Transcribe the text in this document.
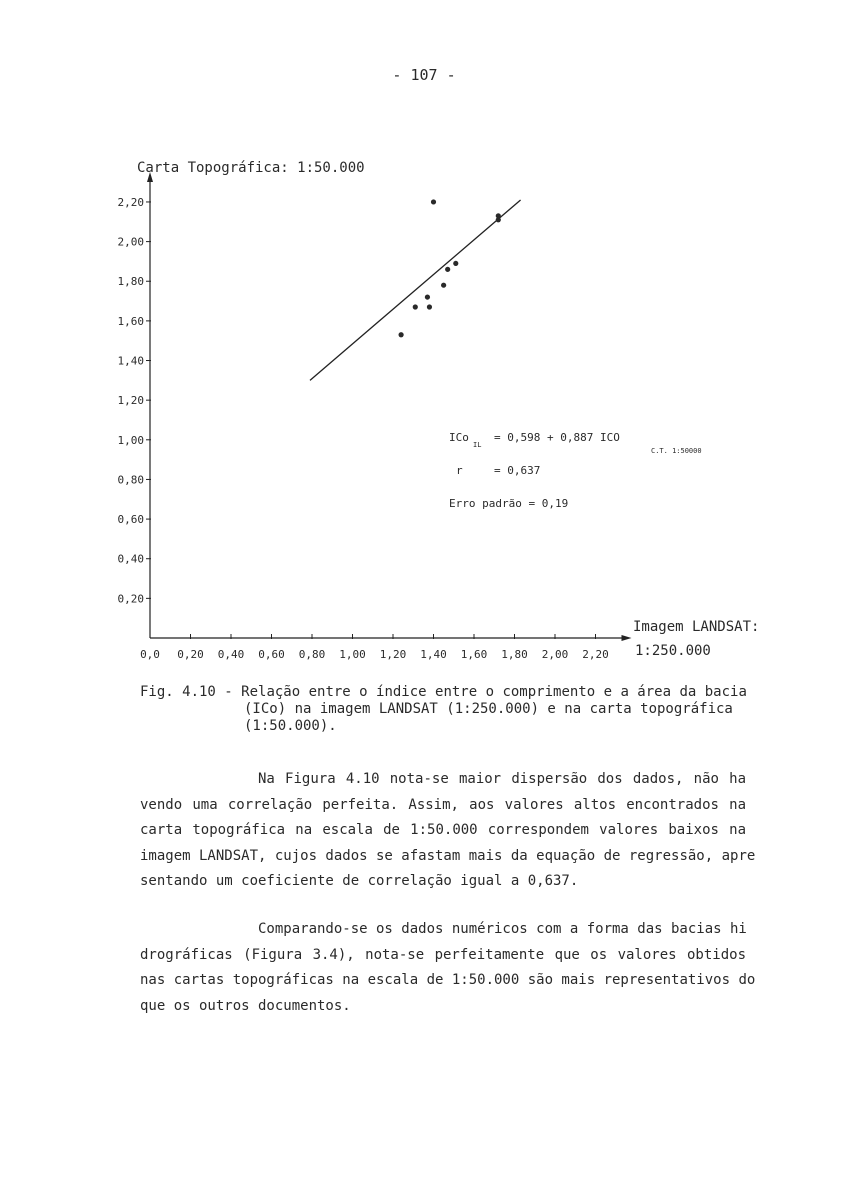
- 107 -
0,0 0,20 0,40 0,60 0,80 1,00 1,20 1,40 1,60 1,80 2,00 2,20
0,20
0,40
0,60
0,80
1,00
1,20
1,40
1,60
1,80
2,00
2,20
Carta Topográfica: 1:50.000
Imagem LANDSAT:
1:250.000
ICo
IL
= 0,598 + 0,887 ICO
C.T. 1:50000
r	= 0,637
Erro padrão = 0,19
Fig. 4.10 - Relação entre o índice entre o comprimento e a área da bacia
(ICo) na imagem LANDSAT (1:250.000) e na carta topográfica
(1:50.000).
Na Figura 4.10 nota-se maior dispersão dos dados, não ha
vendo uma correlação perfeita. Assim, aos valores altos encontrados na
carta topográfica na escala de 1:50.000 correspondem valores baixos na
imagem LANDSAT, cujos dados se afastam mais da equação de regressão, apre
sentando um coeficiente de correlação igual a 0,637.
Comparando-se os dados numéricos com a forma das bacias hi
drográficas (Figura 3.4), nota-se perfeitamente que os valores obtidos
nas cartas topográficas na escala de 1:50.000 são mais representativos do
que os outros documentos.
